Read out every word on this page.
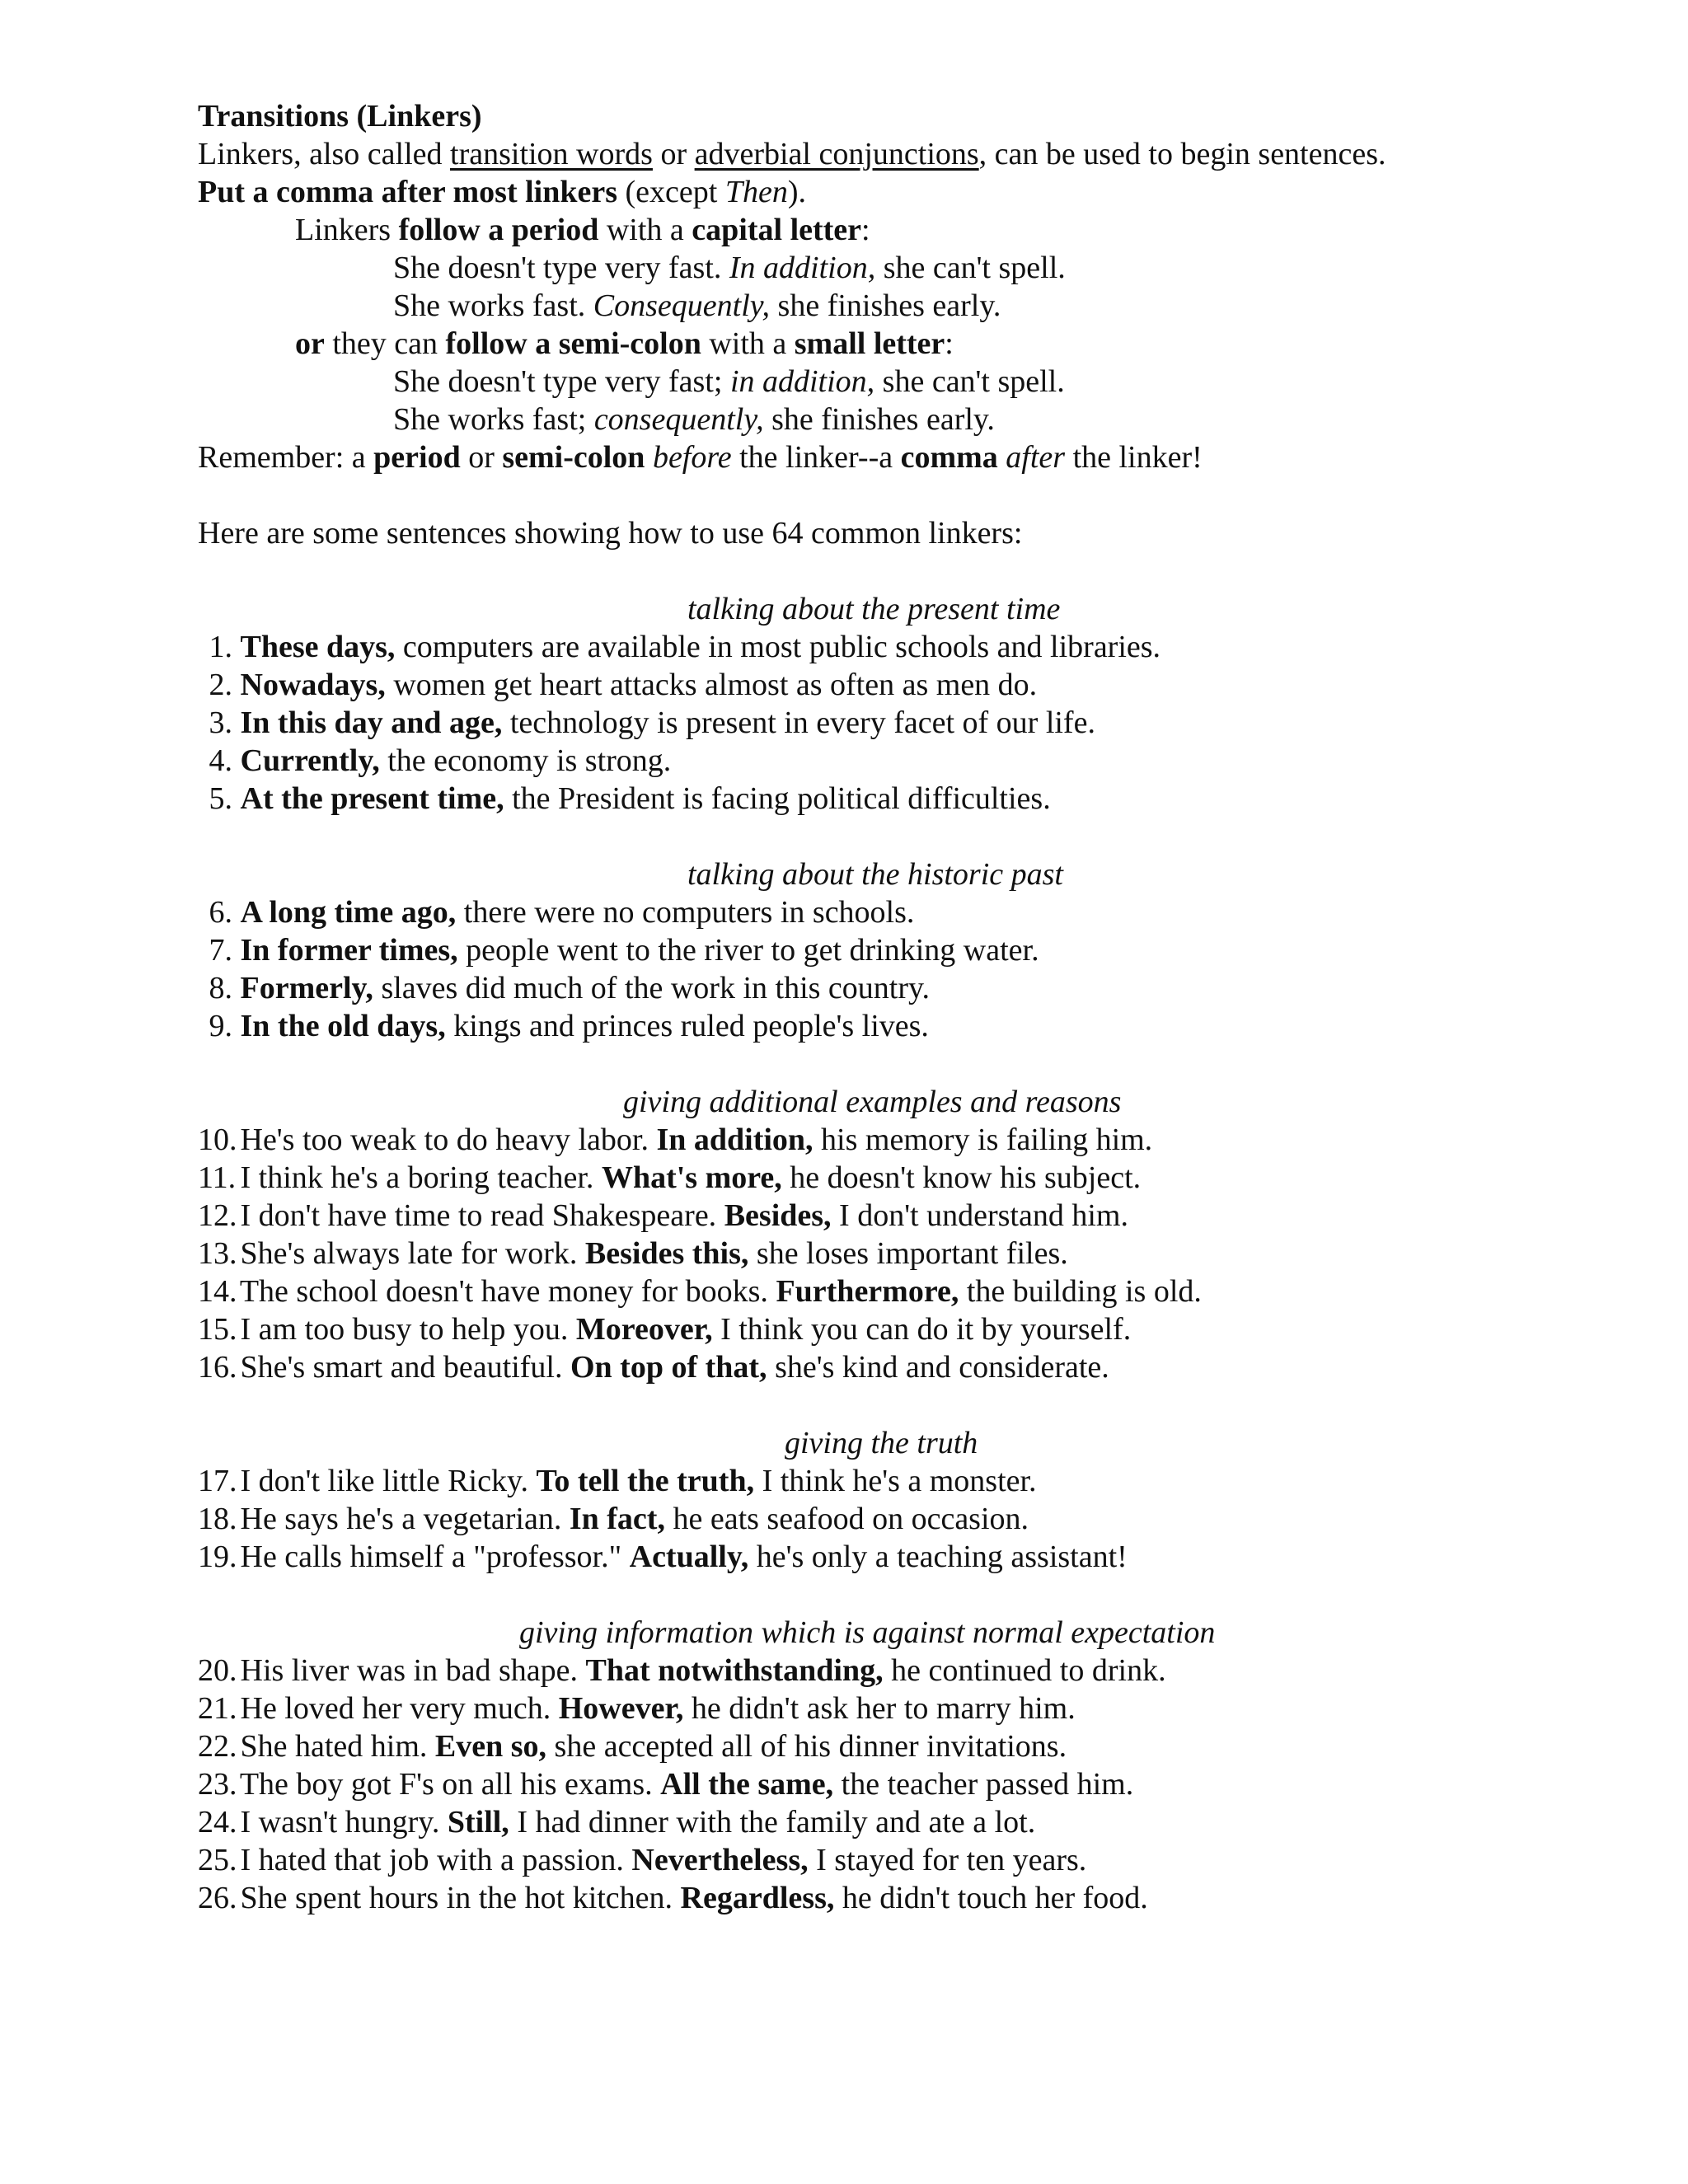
Transitions (Linkers)
Linkers, also called transition words or adverbial conjunctions, can be used to begin sentences.
Put a comma after most linkers (except Then).
Linkers follow a period with a capital letter:
She doesn't type very fast. In addition, she can't spell.
She works fast. Consequently, she finishes early.
or they can follow a semi-colon with a small letter:
She doesn't type very fast; in addition, she can't spell.
She works fast; consequently, she finishes early.
Remember: a period or semi-colon before the linker--a comma after the linker!
Here are some sentences showing how to use 64 common linkers:
talking about the present time
1. These days, computers are available in most public schools and libraries.
2. Nowadays, women get heart attacks almost as often as men do.
3. In this day and age, technology is present in every facet of our life.
4. Currently, the economy is strong.
5. At the present time, the President is facing political difficulties.
talking about the historic past
6. A long time ago, there were no computers in schools.
7. In former times, people went to the river to get drinking water.
8. Formerly, slaves did much of the work in this country.
9. In the old days, kings and princes ruled people's lives.
giving additional examples and reasons
10. He's too weak to do heavy labor. In addition, his memory is failing him.
11. I think he's a boring teacher. What's more, he doesn't know his subject.
12. I don't have time to read Shakespeare. Besides, I don't understand him.
13. She's always late for work. Besides this, she loses important files.
14. The school doesn't have money for books. Furthermore, the building is old.
15. I am too busy to help you. Moreover, I think you can do it by yourself.
16. She's smart and beautiful. On top of that, she's kind and considerate.
giving the truth
17. I don't like little Ricky. To tell the truth, I think he's a monster.
18. He says he's a vegetarian. In fact, he eats seafood on occasion.
19. He calls himself a "professor." Actually, he's only a teaching assistant!
giving information which is against normal expectation
20. His liver was in bad shape. That notwithstanding, he continued to drink.
21. He loved her very much. However, he didn't ask her to marry him.
22. She hated him. Even so, she accepted all of his dinner invitations.
23. The boy got F's on all his exams. All the same, the teacher passed him.
24. I wasn't hungry. Still, I had dinner with the family and ate a lot.
25. I hated that job with a passion. Nevertheless, I stayed for ten years.
26. She spent hours in the hot kitchen. Regardless, he didn't touch her food.
